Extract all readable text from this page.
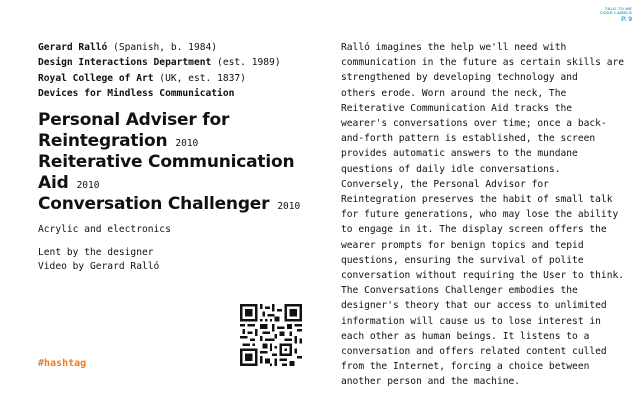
TALK TO ME
CODE LABELS
P. 9
Gerard Ralló (Spanish, b. 1984)
Design Interactions Department (est. 1989)
Royal College of Art (UK, est. 1837)
Devices for Mindless Communication
Personal Adviser for
Reintegration 2010
Reiterative Communication
Aid 2010
Conversation Challenger 2010
Acrylic and electronics
Lent by the designer
Video by Gerard Ralló
#hashtag
Ralló imagines the help we'll need with
communication in the future as certain skills are
strengthened by developing technology and
others erode. Worn around the neck, The
Reiterative Communication Aid tracks the
wearer's conversations over time; once a back-
and-forth pattern is established, the screen
provides automatic answers to the mundane
questions of daily idle conversations.
Conversely, the Personal Advisor for
Reintegration preserves the habit of small talk
for future generations, who may lose the ability
to engage in it. The display screen offers the
wearer prompts for benign topics and tepid
questions, ensuring the survival of polite
conversation without requiring the User to think.
The Conversations Challenger embodies the
designer's theory that our access to unlimited
information will cause us to lose interest in
each other as human beings. It listens to a
conversation and offers related content culled
from the Internet, forcing a choice between
another person and the machine.
